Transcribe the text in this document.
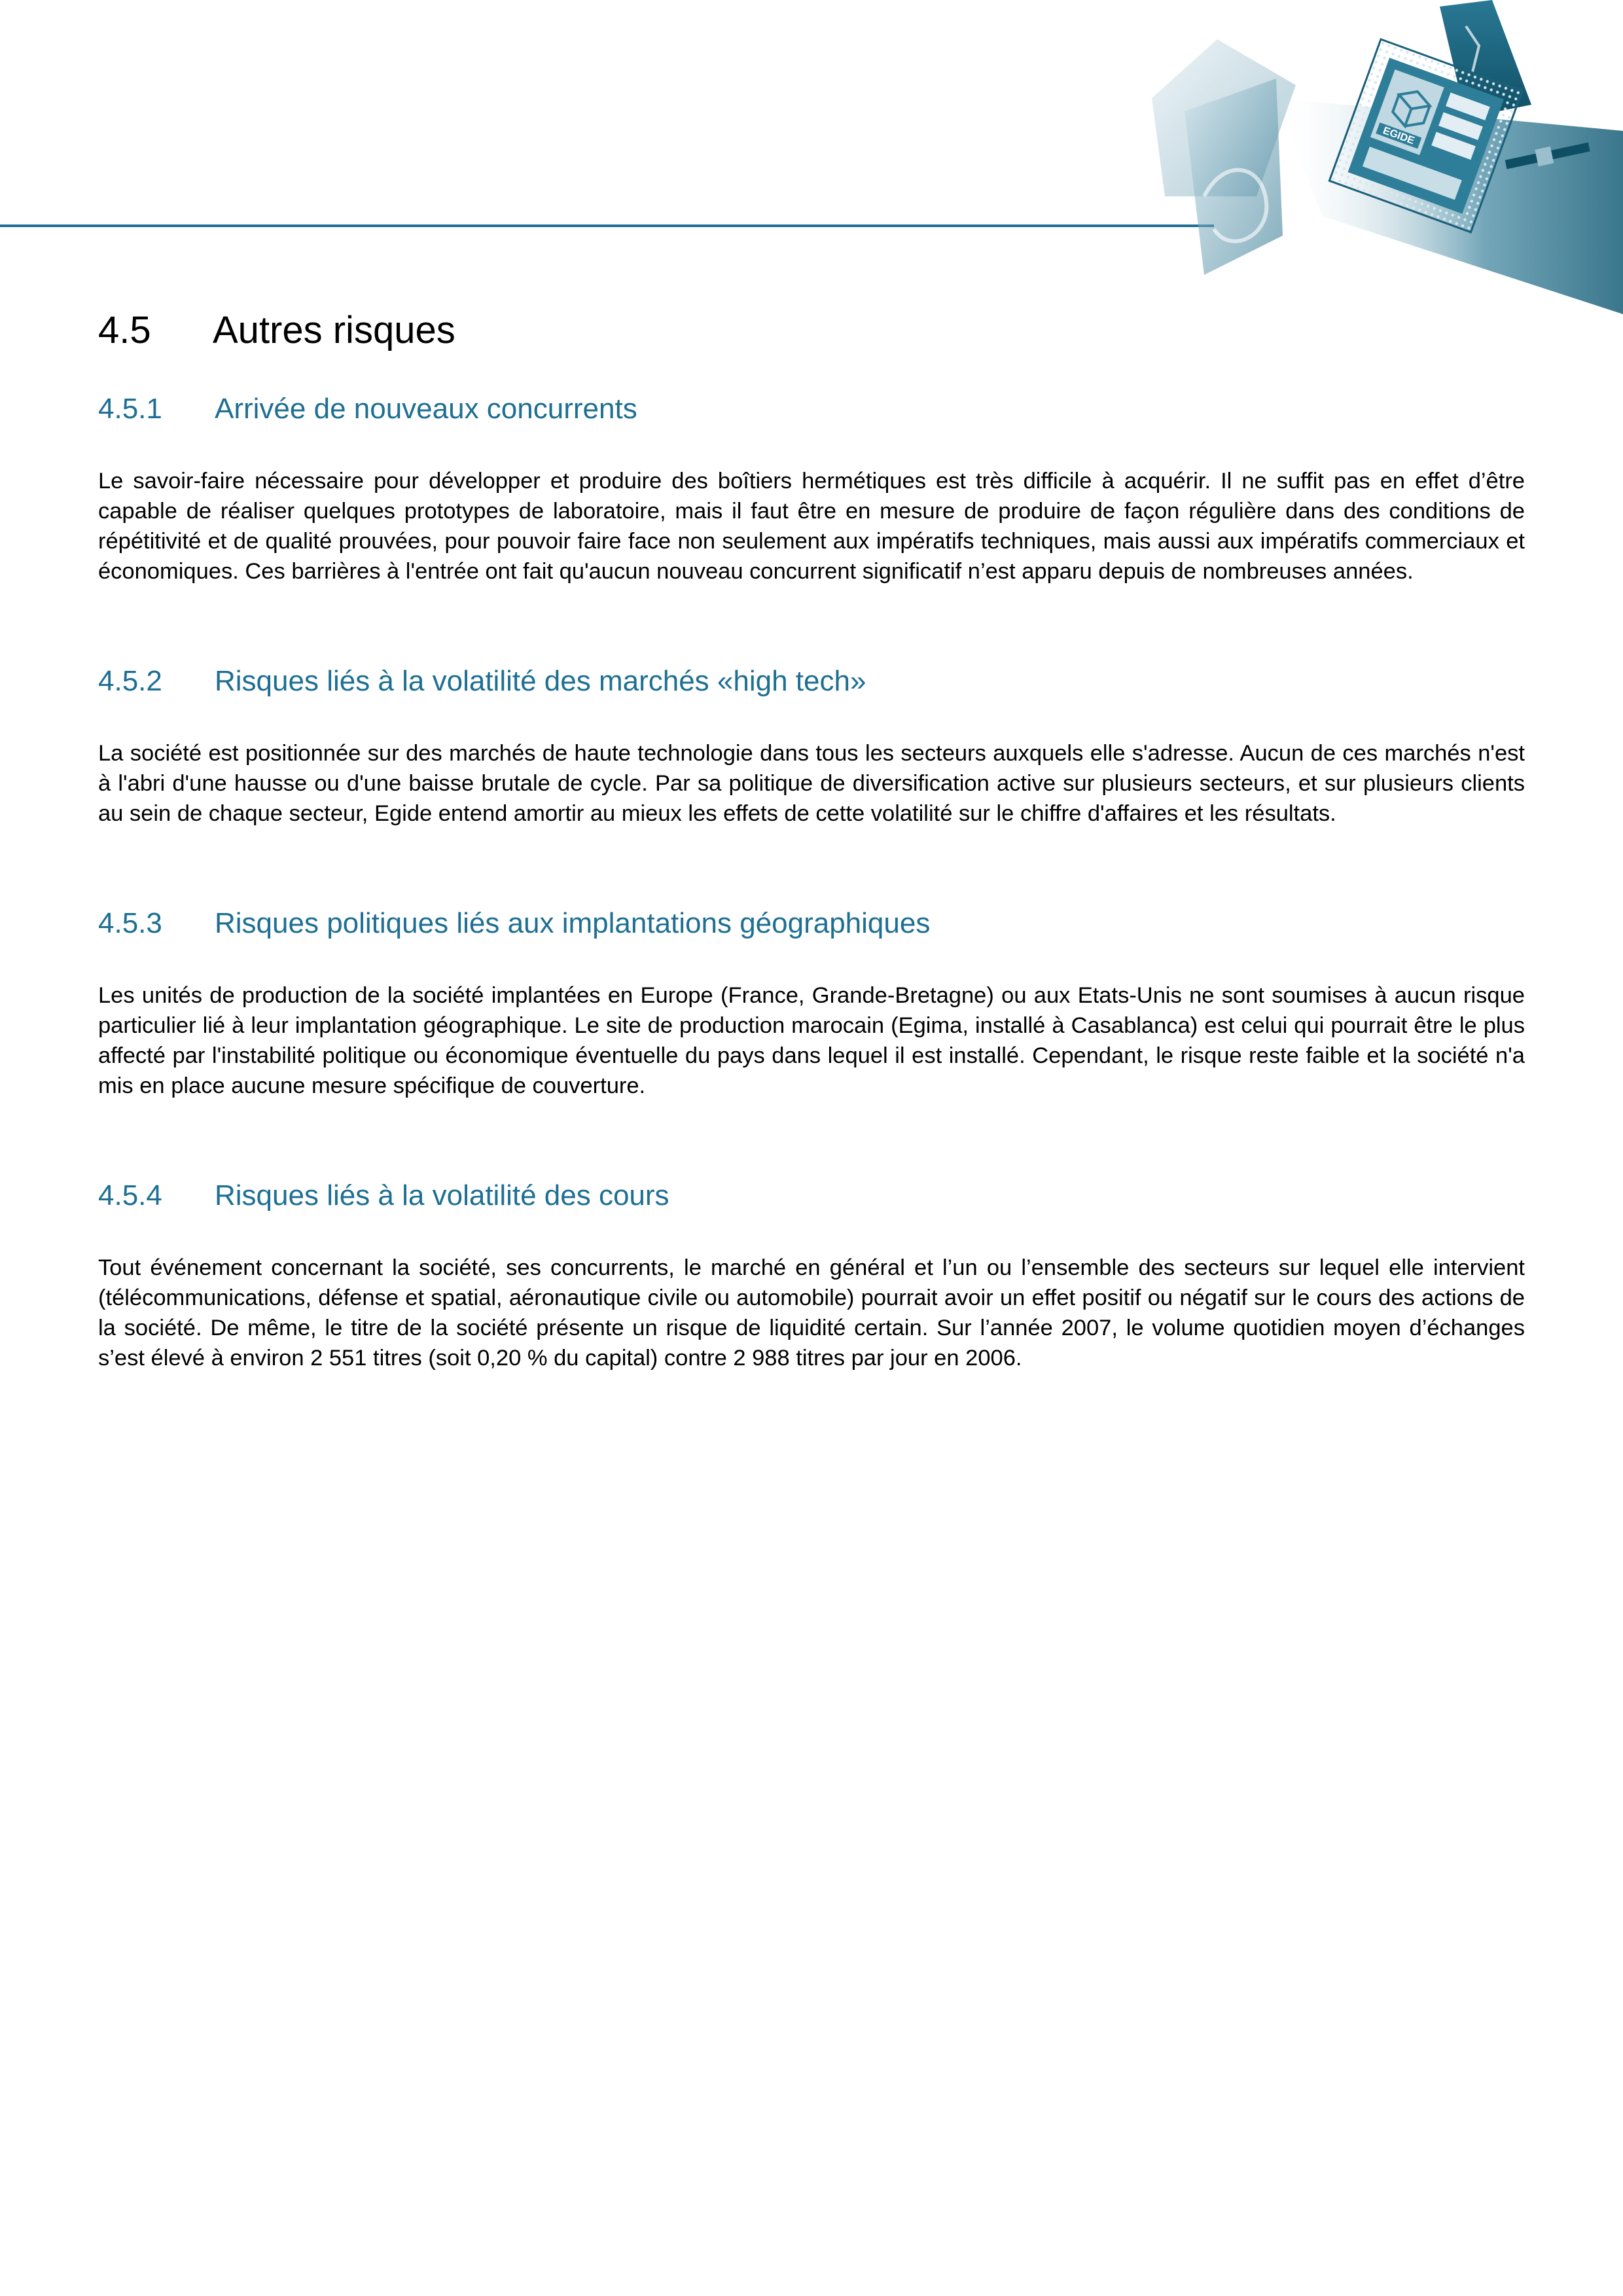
EGIDE
4.5	Autres risques
4.5.1	Arrivée de nouveaux concurrents

Le savoir-faire nécessaire pour développer et produire des boîtiers hermétiques est très difficile à acquérir. Il ne suffit pas en effet d’être capable de réaliser quelques prototypes de laboratoire, mais il faut être en mesure de produire de façon régulière dans des conditions de répétitivité et de qualité prouvées, pour pouvoir faire face non seulement aux impératifs techniques, mais aussi aux impératifs commerciaux et économiques. Ces barrières à l'entrée ont fait qu'aucun nouveau concurrent significatif n’est apparu depuis de nombreuses années.

4.5.2	Risques liés à la volatilité des marchés «high tech»

La société est positionnée sur des marchés de haute technologie dans tous les secteurs auxquels elle s'adresse. Aucun de ces marchés n'est à l'abri d'une hausse ou d'une baisse brutale de cycle. Par sa politique de diversification active sur plusieurs secteurs, et sur plusieurs clients au sein de chaque secteur, Egide entend amortir au mieux les effets de cette volatilité sur le chiffre d'affaires et les résultats.

4.5.3	Risques politiques liés aux implantations géographiques

Les unités de production de la société implantées en Europe (France, Grande-Bretagne) ou aux Etats-Unis ne sont soumises à aucun risque particulier lié à leur implantation géographique. Le site de production marocain (Egima, installé à Casablanca) est celui qui pourrait être le plus affecté par l'instabilité politique ou économique éventuelle du pays dans lequel il est installé. Cependant, le risque reste faible et la société n'a mis en place aucune mesure spécifique de couverture.

4.5.4	Risques liés à la volatilité des cours

Tout événement concernant la société, ses concurrents, le marché en général et l’un ou l’ensemble des secteurs sur lequel elle intervient (télécommunications, défense et spatial, aéronautique civile ou automobile) pourrait avoir un effet positif ou négatif sur le cours des actions de la société. De même, le titre de la société présente un risque de liquidité certain. Sur l’année 2007, le volume quotidien moyen d’échanges s’est élevé à environ 2 551 titres (soit 0,20 % du capital) contre 2 988 titres par jour en 2006.
